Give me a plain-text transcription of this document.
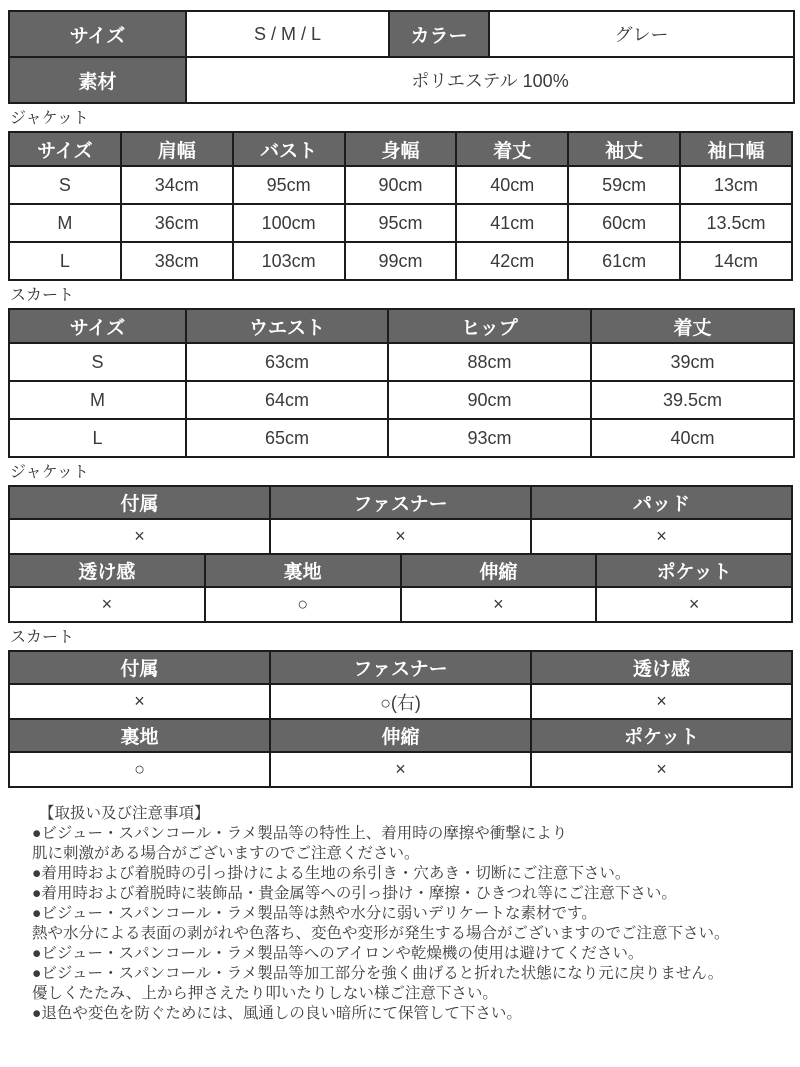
サイズ	S / M / L	カラー	グレー
素材	ポリエステル 100%		
ジャケット
サイズ	肩幅	バスト	身幅	着丈	袖丈	袖口幅
S	34cm	95cm	90cm	40cm	59cm	13cm
M	36cm	100cm	95cm	41cm	60cm	13.5cm
L	38cm	103cm	99cm	42cm	61cm	14cm
スカート
サイズ	ウエスト	ヒップ	着丈
S	63cm	88cm	39cm
M	64cm	90cm	39.5cm
L	65cm	93cm	40cm
ジャケット
付属	ファスナー	パッド
×	×	×
透け感	裏地	伸縮	ポケット
×	○	×	×
スカート
付属	ファスナー	透け感
×	○(右)	×
裏地	伸縮	ポケット
○	×	×
【取扱い及び注意事項】
●ビジュー・スパンコール・ラメ製品等の特性上、着用時の摩擦や衝撃により
肌に刺激がある場合がございますのでご注意ください。
●着用時および着脱時の引っ掛けによる生地の糸引き・穴あき・切断にご注意下さい。
●着用時および着脱時に装飾品・貴金属等への引っ掛け・摩擦・ひきつれ等にご注意下さい。
●ビジュー・スパンコール・ラメ製品等は熱や水分に弱いデリケートな素材です。
熱や水分による表面の剥がれや色落ち、変色や変形が発生する場合がございますのでご注意下さい。
●ビジュー・スパンコール・ラメ製品等へのアイロンや乾燥機の使用は避けてください。
●ビジュー・スパンコール・ラメ製品等加工部分を強く曲げると折れた状態になり元に戻りません。
優しくたたみ、上から押さえたり叩いたりしない様ご注意下さい。
●退色や変色を防ぐためには、風通しの良い暗所にて保管して下さい。
